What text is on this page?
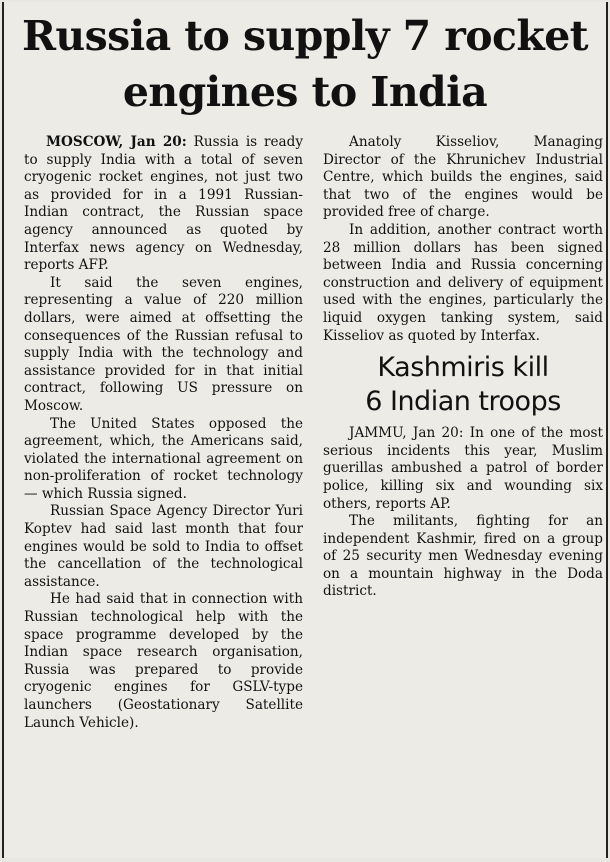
Russia to supply 7 rocket
engines to India

MOSCOW, Jan 20: Russia is ready to supply India with a total of seven cryogenic rocket engines, not just two as provided for in a 1991 Russian-Indian contract, the Russian space agency announced as quoted by Interfax news agency on Wednesday, reports AFP.

It said the seven engines, representing a value of 220 million dollars, were aimed at offsetting the consequences of the Russian refusal to supply India with the technology and assistance provided for in that initial contract, following US pressure on Moscow.

The United States opposed the agreement, which, the Americans said, violated the international agreement on non-proliferation of rocket technology — which Russia signed.

Russian Space Agency Director Yuri Koptev had said last month that four engines would be sold to India to offset the cancellation of the technological assistance.

He had said that in connection with Russian technological help with the space programme developed by the Indian space research organisation, Russia was prepared to provide cryogenic engines for GSLV-type launchers (Geostationary Satellite Launch Vehicle).

Anatoly Kisseliov, Managing Director of the Khrunichev Industrial Centre, which builds the engines, said that two of the engines would be provided free of charge.

In addition, another contract worth 28 million dollars has been signed between India and Russia concerning construction and delivery of equipment used with the engines, particularly the liquid oxygen tanking system, said Kisseliov as quoted by Interfax.

Kashmiris kill
6 Indian troops

JAMMU, Jan 20: In one of the most serious incidents this year, Muslim guerillas ambushed a patrol of border police, killing six and wounding six others, reports AP.

The militants, fighting for an independent Kashmir, fired on a group of 25 security men Wednesday evening on a mountain highway in the Doda district.
